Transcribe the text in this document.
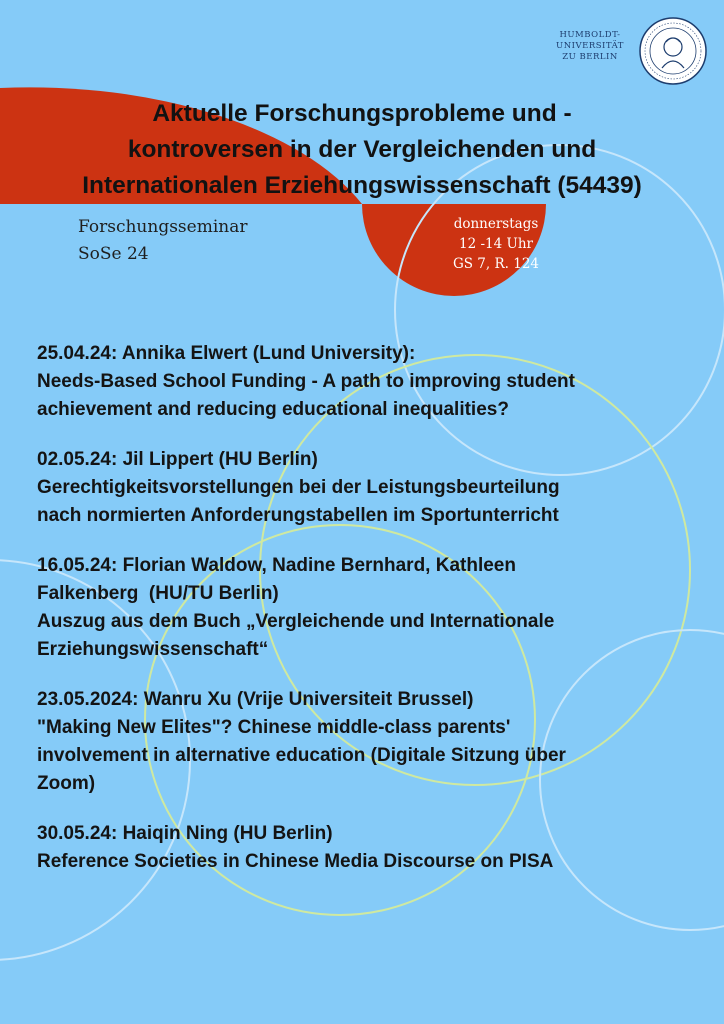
HUMBOLDT-
UNIVERSITÄT
ZU BERLIN
Aktuelle Forschungsprobleme und -
kontroversen in der Vergleichenden und
Internationalen Erziehungswissenschaft (54439)
Forschungsseminar
SoSe 24
donnerstags
12 -14 Uhr
GS 7, R. 124
25.04.24: Annika Elwert (Lund University):
Needs-Based School Funding - A path to improving student
achievement and reducing educational inequalities?
02.05.24: Jil Lippert (HU Berlin)
Gerechtigkeitsvorstellungen bei der Leistungsbeurteilung
nach normierten Anforderungstabellen im Sportunterricht
16.05.24: Florian Waldow, Nadine Bernhard, Kathleen
Falkenberg  (HU/TU Berlin)
Auszug aus dem Buch „Vergleichende und Internationale
Erziehungswissenschaft“
23.05.2024: Wanru Xu (Vrije Universiteit Brussel)
"Making New Elites"? Chinese middle-class parents'
involvement in alternative education (Digitale Sitzung über
Zoom)
30.05.24: Haiqin Ning (HU Berlin)
Reference Societies in Chinese Media Discourse on PISA
